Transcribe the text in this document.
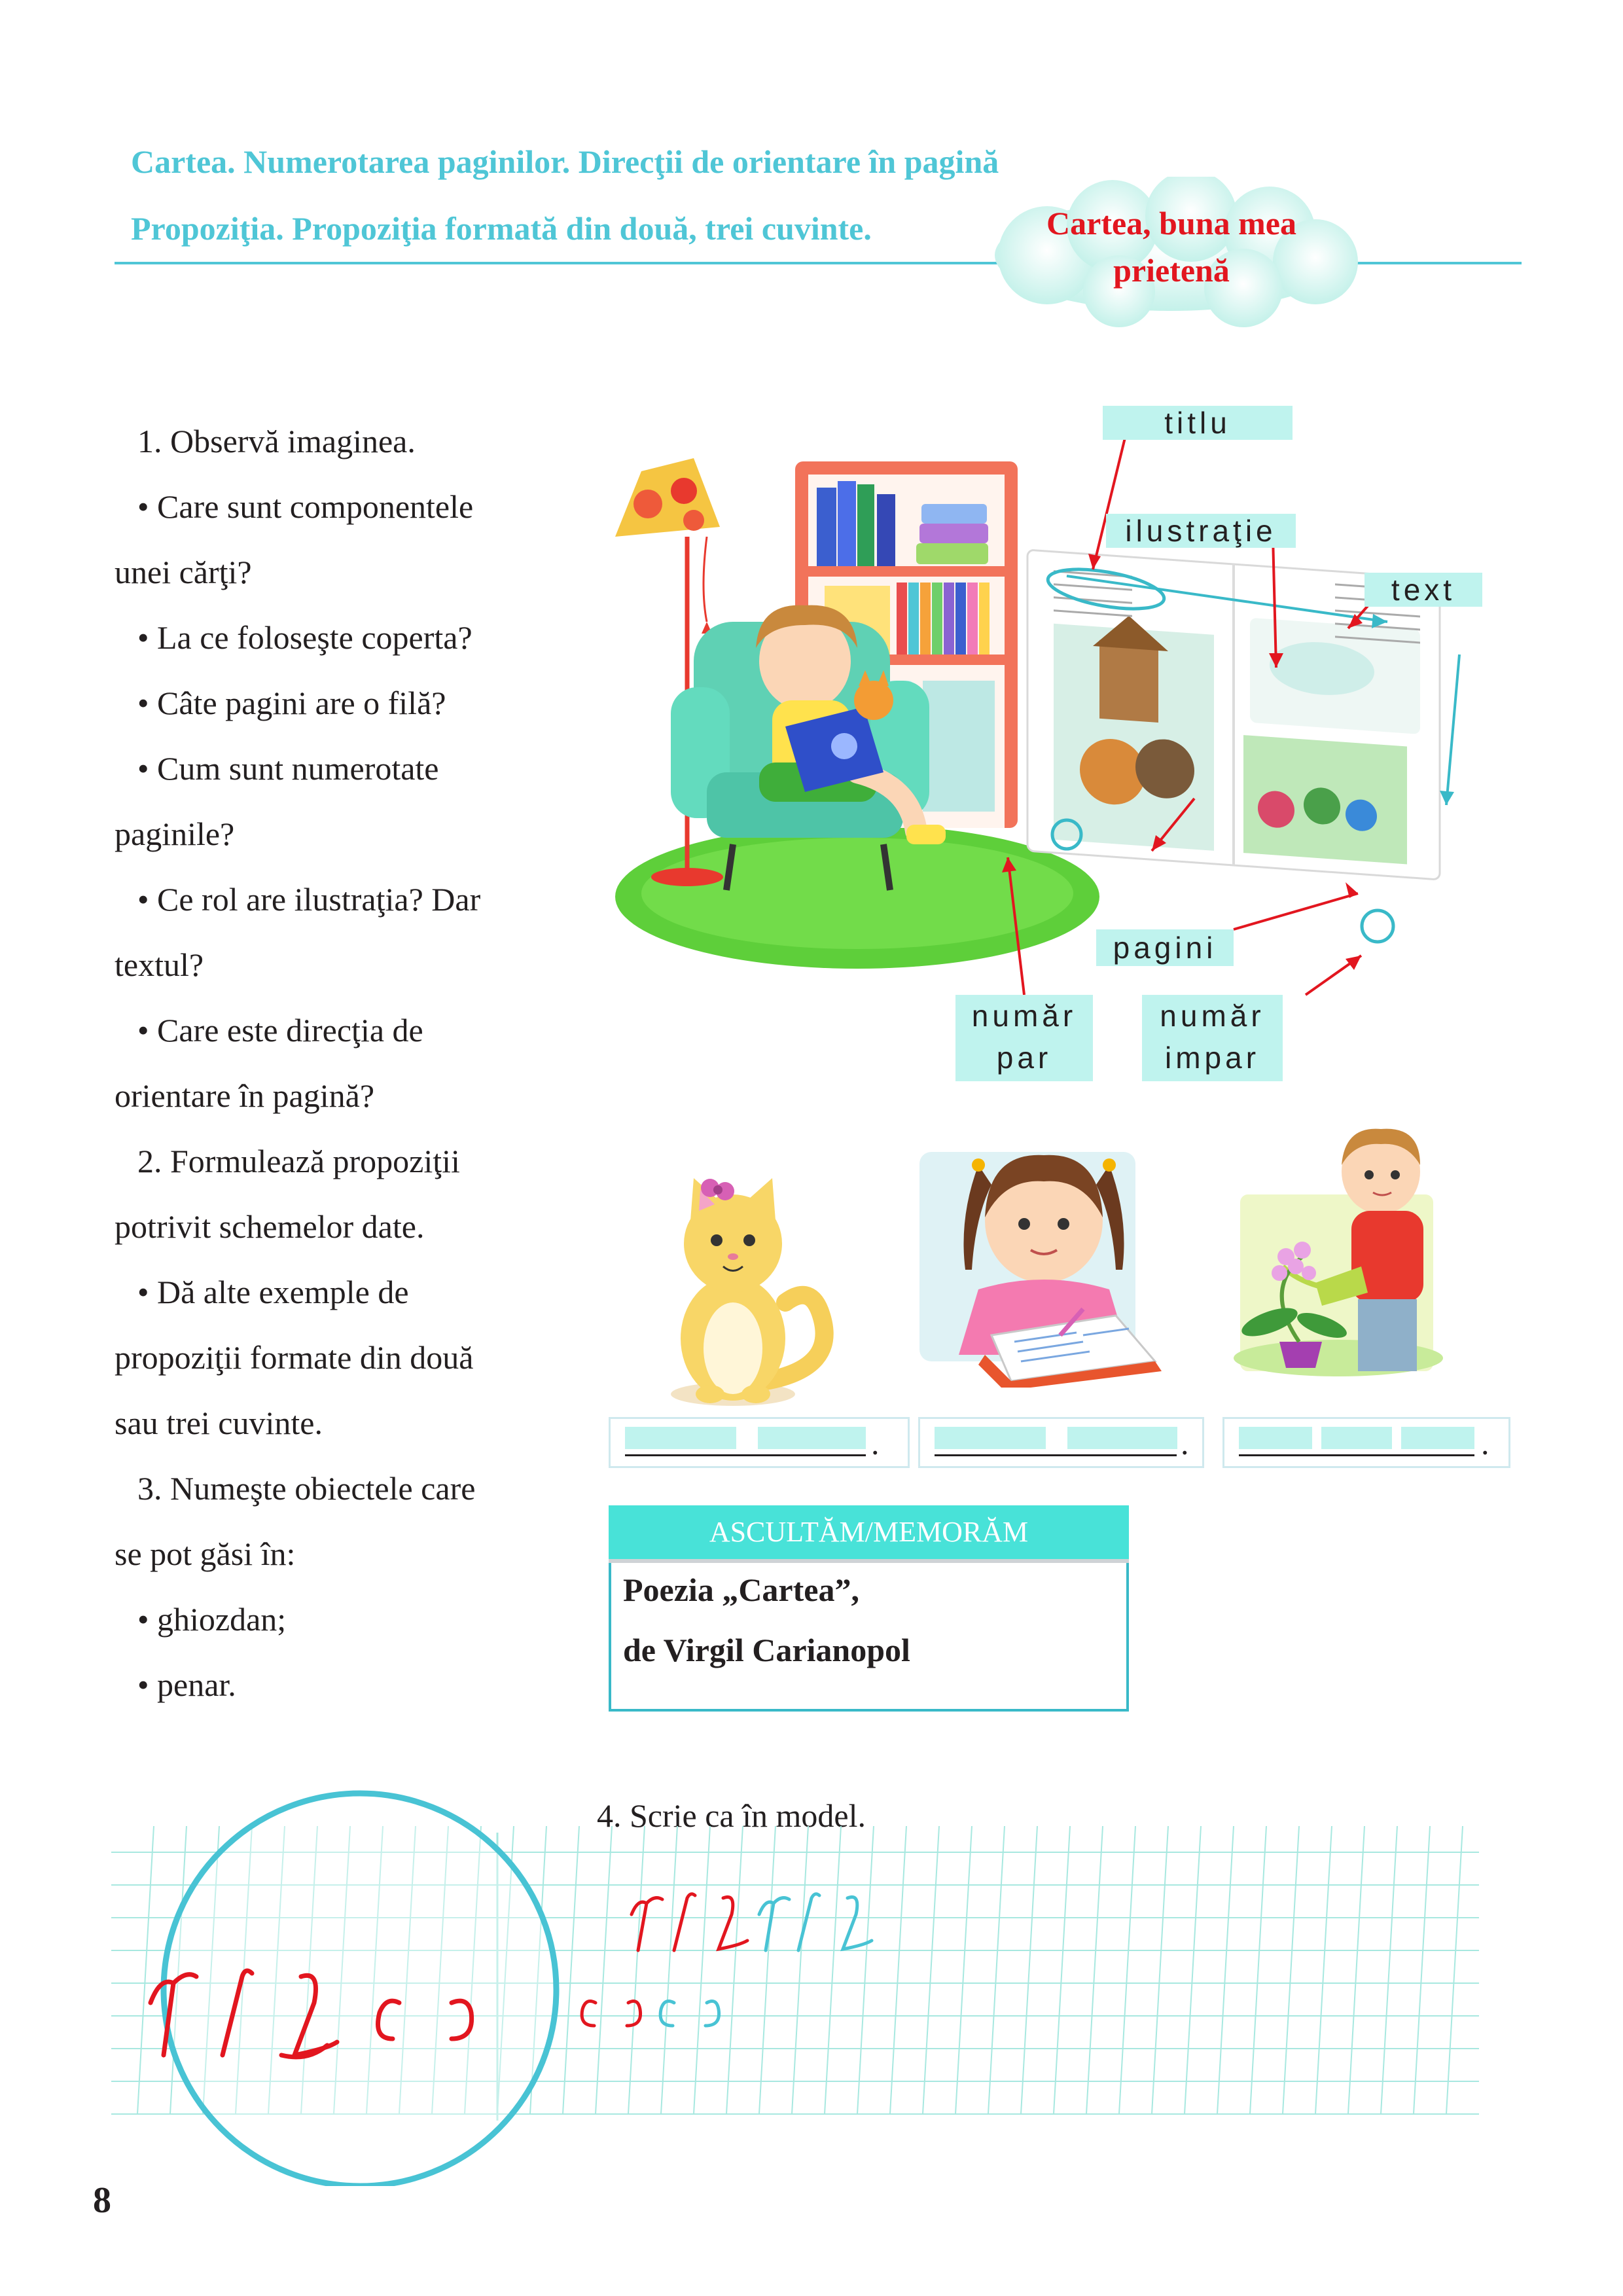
Cartea. Numerotarea paginilor. Direcţii de orientare în pagină
Propoziţia. Propoziţia formată din două, trei cuvinte.	Cartea, buna mea
prietenă
1. Observă imaginea.
• Care sunt componentele
unei cărţi?
• La ce foloseşte coperta?
• Câte pagini are o filă?
• Cum sunt numerotate
paginile?
• Ce rol are ilustraţia? Dar
textul?
• Care este direcţia de
orientare în pagină?
2. Formulează propoziţii
potrivit schemelor date.
• Dă alte exemple de
propoziţii formate din două
sau trei cuvinte.
3. Numeşte obiectele care
se pot găsi în:
• ghiozdan;
• penar.
titlu
ilustraţie
text
pagini
număr
par
număr
impar
.	.	.
ASCULTĂM/MEMORĂM
Poezia „Cartea”,
de Virgil Carianopol
4. Scrie ca în model.
8
